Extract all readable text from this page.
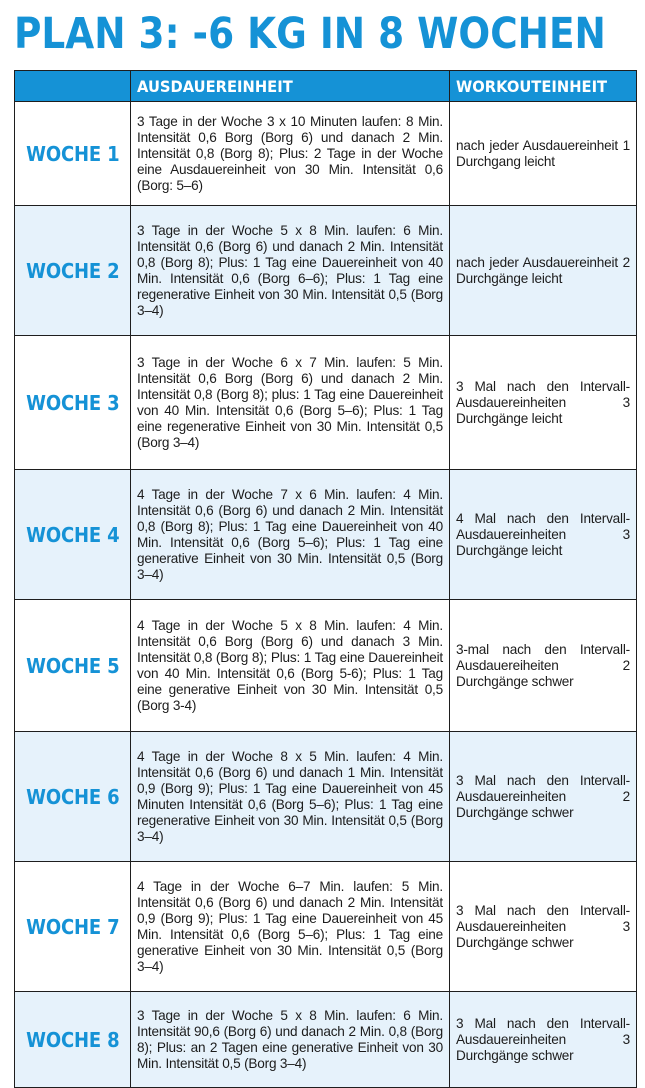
PLAN 3: -6 KG IN 8 WOCHEN
	AUSDAUEREINHEIT	WORKOUTEINHEIT
WOCHE 1	3 Tage in der Woche 3 x 10 Minuten laufen: 8 Min. Intensität 0,6 Borg (Borg 6) und danach 2 Min. Intensität 0,8 (Borg 8); Plus: 2 Tage in der Woche eine Ausdauereinheit von 30 Min. Intensität 0,6 (Borg: 5–6)	nach jeder Ausdauereinheit 1 Durchgang leicht
WOCHE 2	3 Tage in der Woche 5 x 8 Min. laufen: 6 Min. Intensität 0,6 (Borg 6) und danach 2 Min. Intensität 0,8 (Borg 8); Plus: 1 Tag eine Dauereinheit von 40 Min. Intensität 0,6 (Borg 6–6); Plus: 1 Tag eine regenerative Einheit von 30 Min. Intensität 0,5 (Borg 3–4)	nach jeder Ausdauereinheit 2 Durchgänge leicht
WOCHE 3	3 Tage in der Woche 6 x 7 Min. laufen: 5 Min. Intensität 0,6 Borg (Borg 6) und danach 2 Min. Intensität 0,8 (Borg 8); plus: 1 Tag eine Dauereinheit von 40 Min. Intensität 0,6 (Borg 5–6); Plus: 1 Tag eine regenerative Einheit von 30 Min. Intensität 0,5 (Borg 3–4)	3 Mal nach den Intervall-Ausdauereinheiten 3 Durchgänge leicht
WOCHE 4	4 Tage in der Woche 7 x 6 Min. laufen: 4 Min. Intensität 0,6 (Borg 6) und danach 2 Min. Intensität 0,8 (Borg 8); Plus: 1 Tag eine Dauereinheit von 40 Min. Intensität 0,6 (Borg 5–6); Plus: 1 Tag eine generative Einheit von 30 Min. Intensität 0,5 (Borg 3–4)	4 Mal nach den Intervall-Ausdauereinheiten 3 Durchgänge leicht
WOCHE 5	4 Tage in der Woche 5 x 8 Min. laufen: 4 Min. Intensität 0,6 Borg (Borg 6) und danach 3 Min. Intensität 0,8 (Borg 8); Plus: 1 Tag eine Dauereinheit von 40 Min. Intensität 0,6 (Borg 5-6); Plus: 1 Tag eine generative Einheit von 30 Min. Intensität 0,5 (Borg 3-4)	3-mal nach den Intervall-Ausdauereiheiten 2 Durchgänge schwer
WOCHE 6	4 Tage in der Woche 8 x 5 Min. laufen: 4 Min. Intensität 0,6 (Borg 6) und danach 1 Min. Intensität 0,9 (Borg 9); Plus: 1 Tag eine Dauereinheit von 45 Minuten Intensität 0,6 (Borg 5–6); Plus: 1 Tag eine regenerative Einheit von 30 Min. Intensität 0,5 (Borg 3–4)	3 Mal nach den Intervall-Ausdauereinheiten 2 Durchgänge schwer
WOCHE 7	4 Tage in der Woche 6–7 Min. laufen: 5 Min. Intensität 0,6 (Borg 6) und danach 2 Min. Intensität 0,9 (Borg 9); Plus: 1 Tag eine Dauereinheit von 45 Min. Intensität 0,6 (Borg 5–6); Plus: 1 Tag eine generative Einheit von 30 Min. Intensität 0,5 (Borg 3–4)	3 Mal nach den Intervall-Ausdauereinheiten 3 Durchgänge schwer
WOCHE 8	3 Tage in der Woche 5 x 8 Min. laufen: 6 Min. Intensität 90,6 (Borg 6) und danach 2 Min. 0,8 (Borg 8); Plus: an 2 Tagen eine generative Einheit von 30 Min. Intensität 0,5 (Borg 3–4)	3 Mal nach den Intervall-Ausdauereinheiten 3 Durchgänge schwer
